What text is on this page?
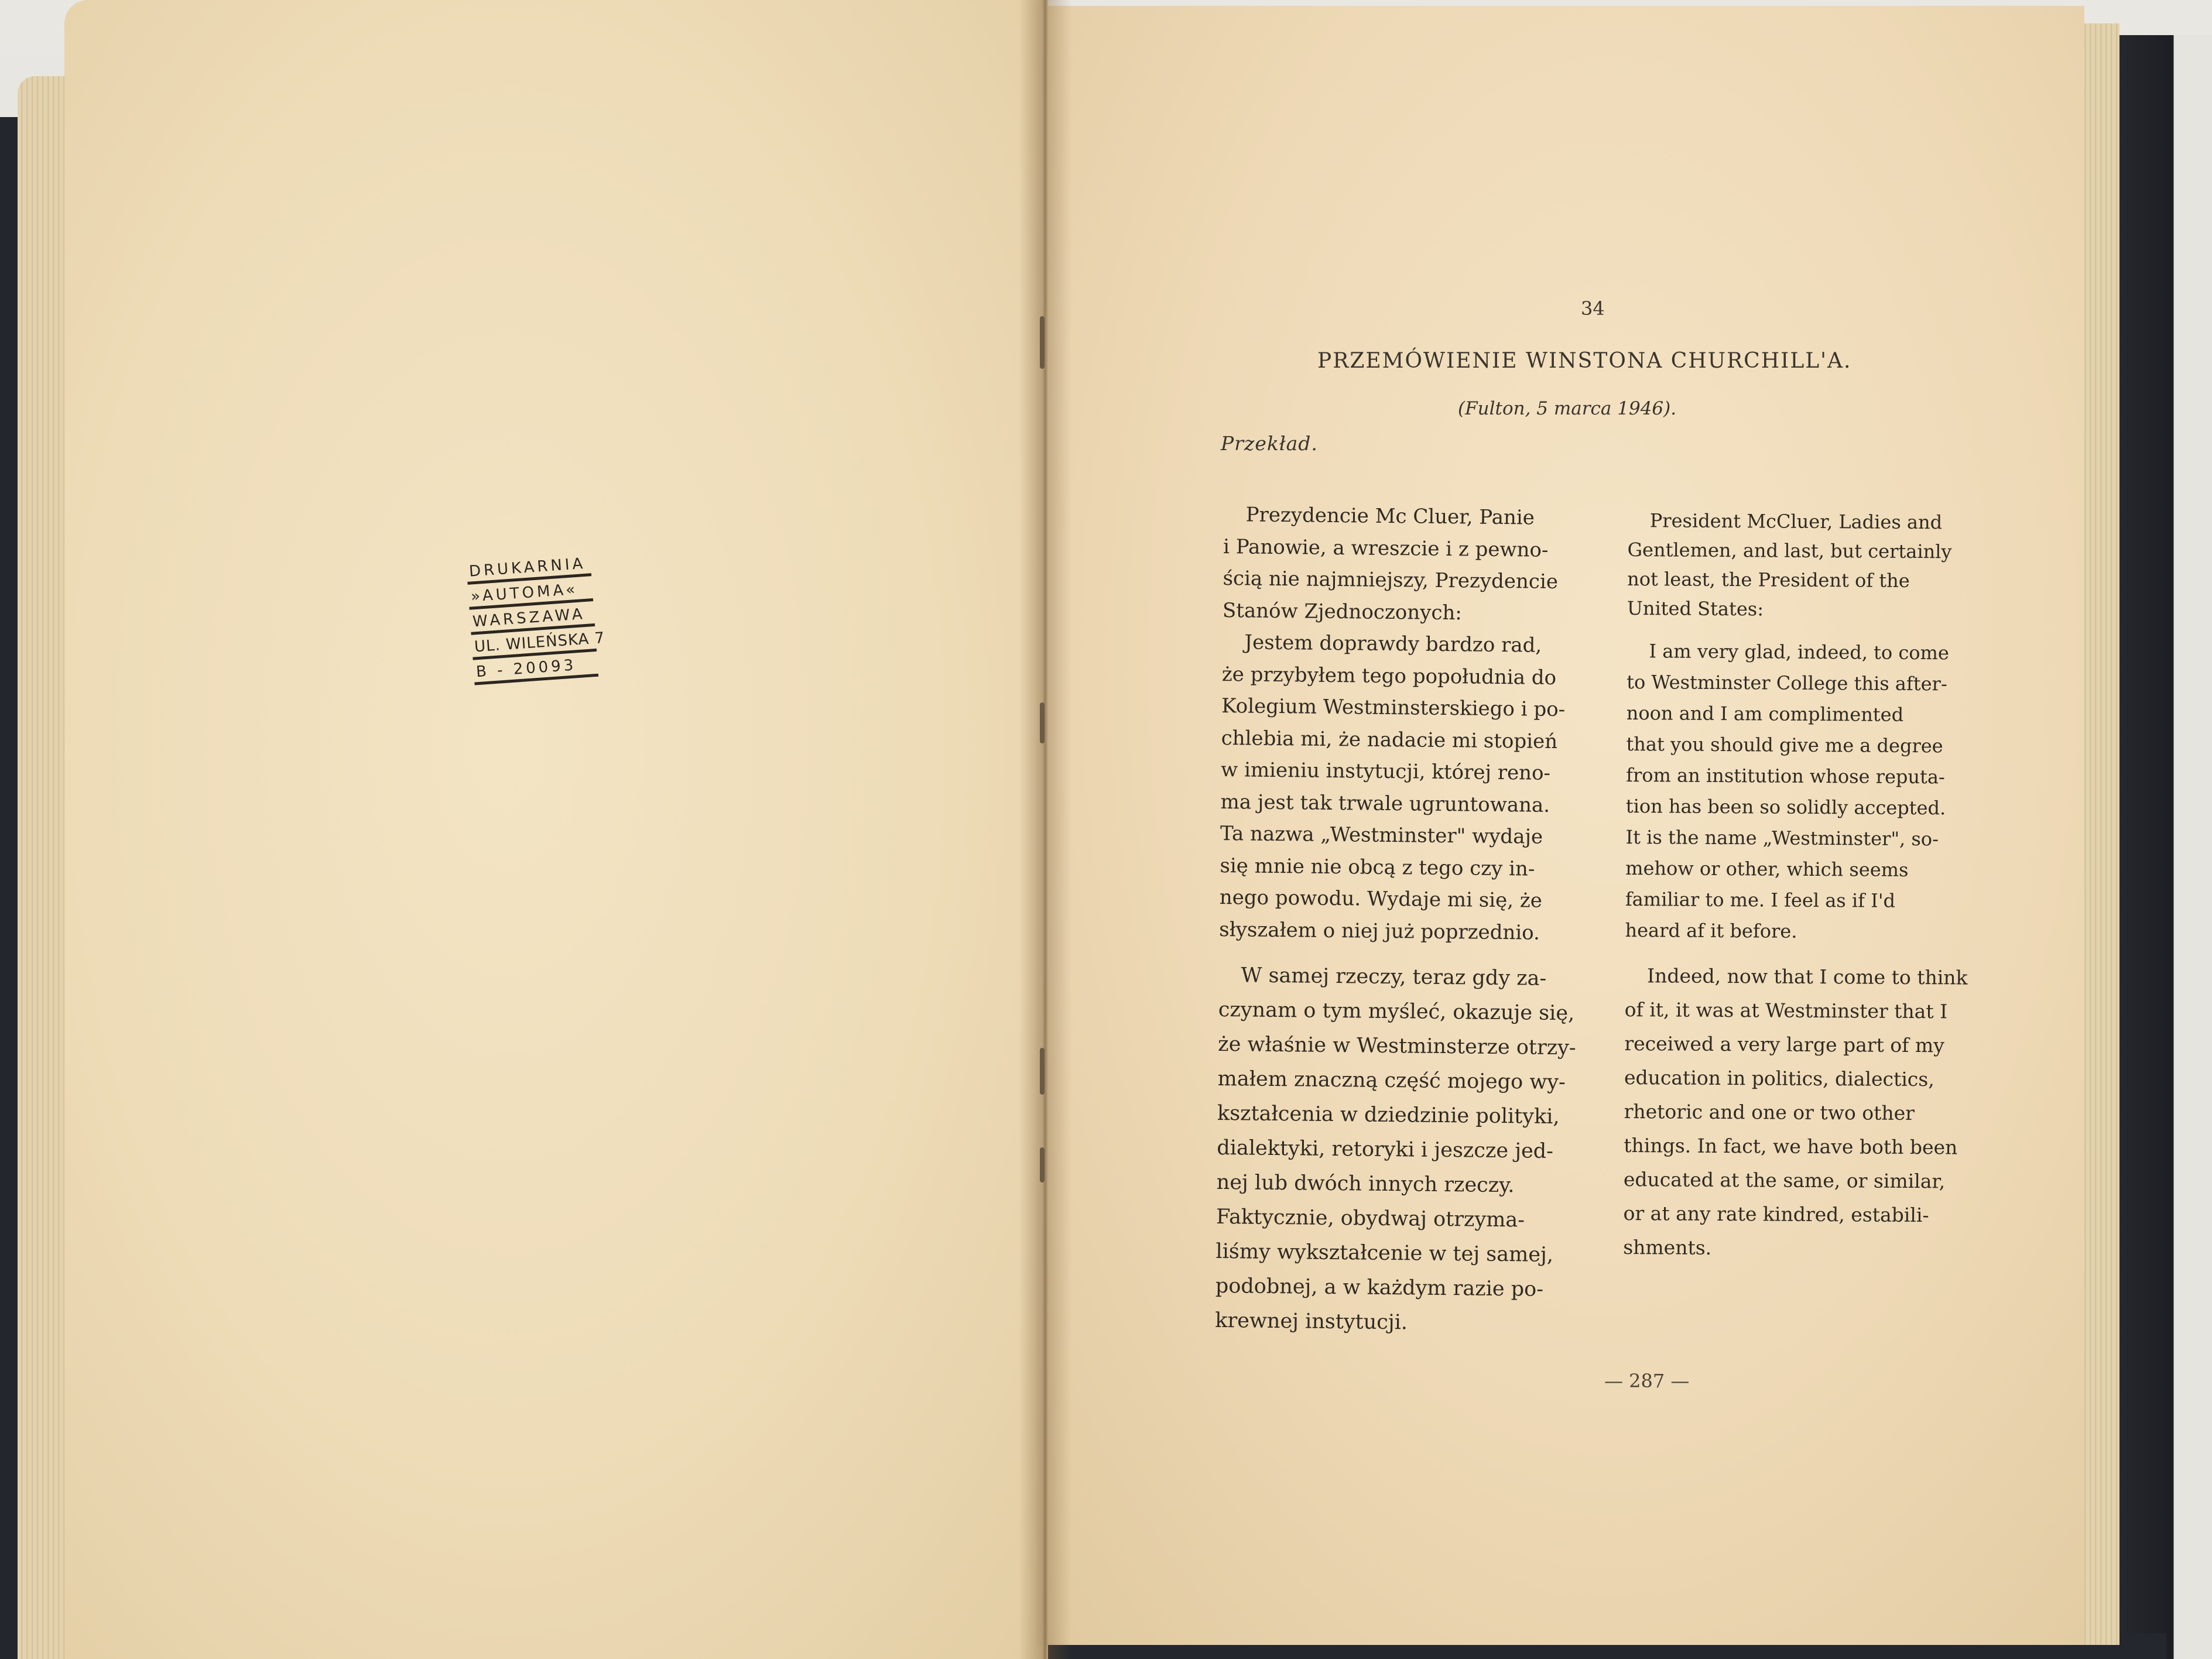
DRUKARNIA
»AUTOMA«
WARSZAWA
UL. WILEŃSKA 7
B - 20093
34
PRZEMÓWIENIE WINSTONA CHURCHILL'A.
(Fulton, 5 marca 1946).
Przekład.
Prezydencie Mc Cluer, Panie
i Panowie, a wreszcie i z pewno-
ścią nie najmniejszy, Prezydencie
Stanów Zjednoczonych:
Jestem doprawdy bardzo rad,
że przybyłem tego popołudnia do
Kolegium Westminsterskiego i po-
chlebia mi, że nadacie mi stopień
w imieniu instytucji, której reno-
ma jest tak trwale ugruntowana.
Ta nazwa „Westminster" wydaje
się mnie nie obcą z tego czy in-
nego powodu. Wydaje mi się, że
słyszałem o niej już poprzednio.
W samej rzeczy, teraz gdy za-
czynam o tym myśleć, okazuje się,
że właśnie w Westminsterze otrzy-
małem znaczną część mojego wy-
kształcenia w dziedzinie polityki,
dialektyki, retoryki i jeszcze jed-
nej lub dwóch innych rzeczy.
Faktycznie, obydwaj otrzyma-
liśmy wykształcenie w tej samej,
podobnej, a w każdym razie po-
krewnej instytucji.
President McCluer, Ladies and
Gentlemen, and last, but certainly
not least, the President of the
United States:
I am very glad, indeed, to come
to Westminster College this after-
noon and I am complimented
that you should give me a degree
from an institution whose reputa-
tion has been so solidly accepted.
It is the name „Westminster", so-
mehow or other, which seems
familiar to me. I feel as if I'd
heard af it before.
Indeed, now that I come to think
of it, it was at Westminster that I
receiwed a very large part of my
education in politics, dialectics,
rhetoric and one or two other
things. In fact, we have both been
educated at the same, or similar,
or at any rate kindred, estabili-
shments.
— 287 —
